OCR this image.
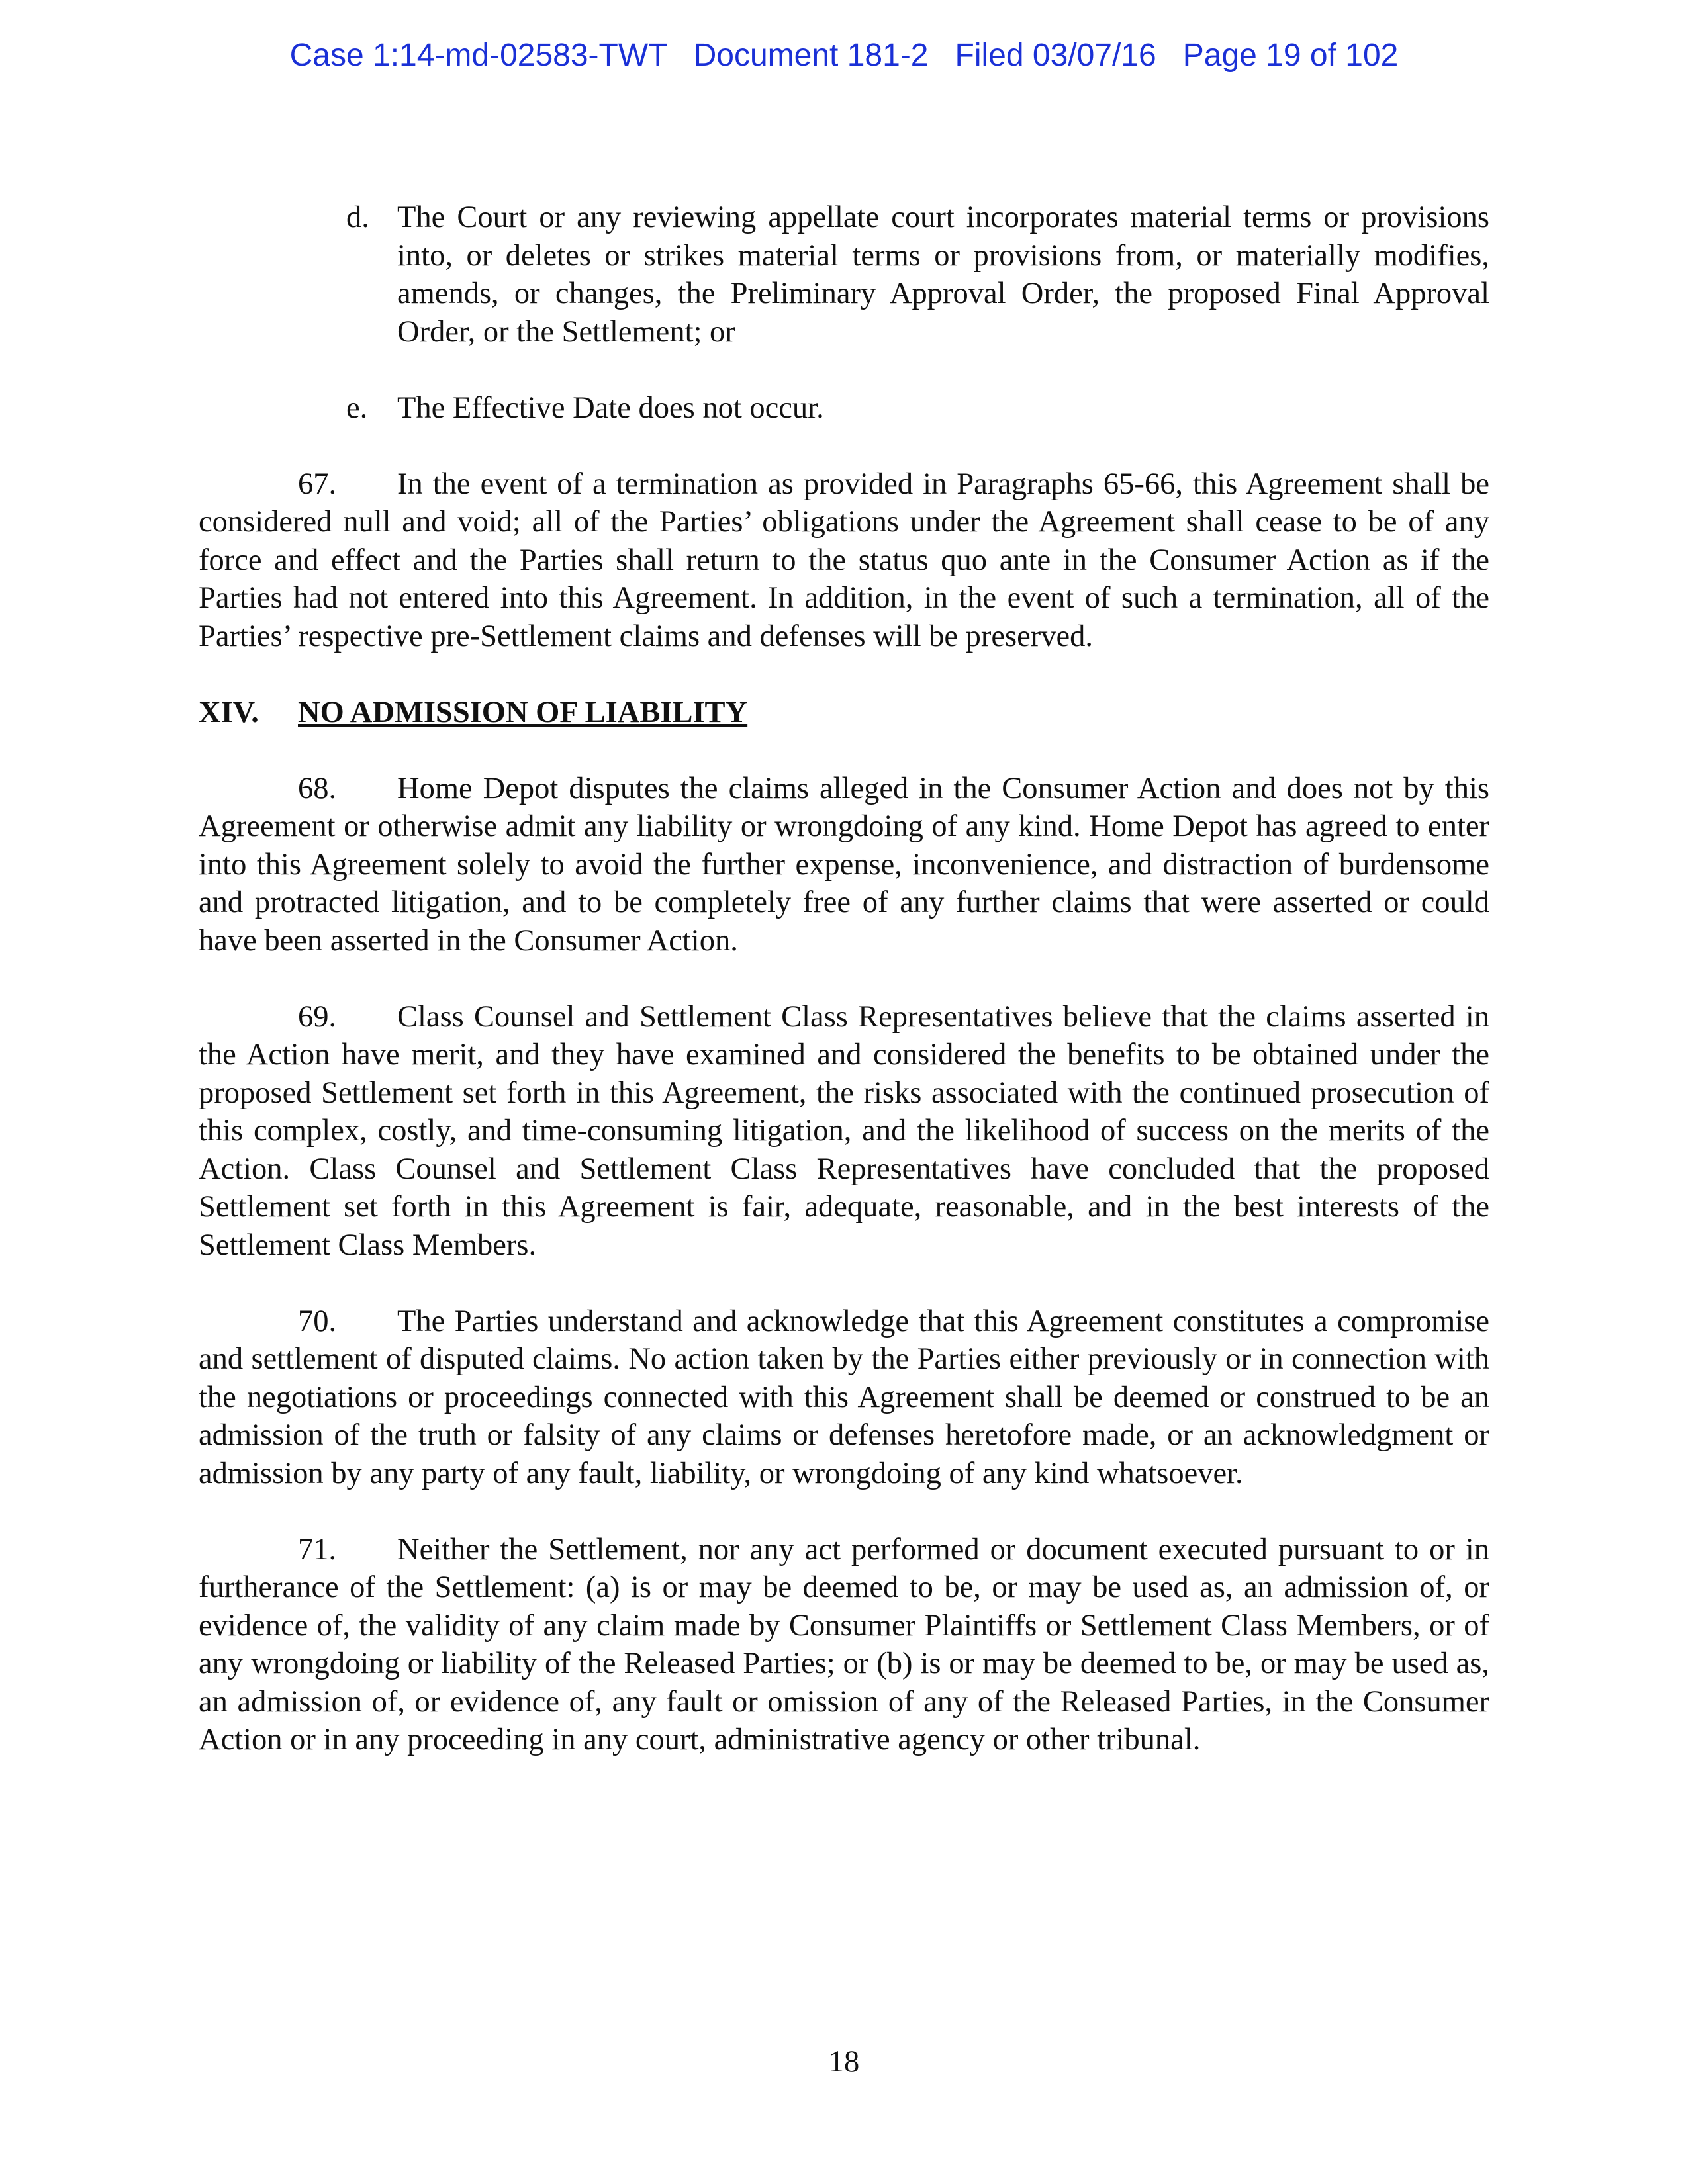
Case 1:14-md-02583-TWT Document 181-2 Filed 03/07/16 Page 19 of 102
d. The Court or any reviewing appellate court incorporates material terms or provisions into, or deletes or strikes material terms or provisions from, or materially modifies, amends, or changes, the Preliminary Approval Order, the proposed Final Approval Order, or the Settlement; or
e. The Effective Date does not occur.

67. In the event of a termination as provided in Paragraphs 65-66, this Agreement shall be considered null and void; all of the Parties’ obligations under the Agreement shall cease to be of any force and effect and the Parties shall return to the status quo ante in the Consumer Action as if the Parties had not entered into this Agreement. In addition, in the event of such a termination, all of the Parties’ respective pre-Settlement claims and defenses will be preserved.

XIV. NO ADMISSION OF LIABILITY

68. Home Depot disputes the claims alleged in the Consumer Action and does not by this Agreement or otherwise admit any liability or wrongdoing of any kind. Home Depot has agreed to enter into this Agreement solely to avoid the further expense, inconvenience, and distraction of burdensome and protracted litigation, and to be completely free of any further claims that were asserted or could have been asserted in the Consumer Action.

69. Class Counsel and Settlement Class Representatives believe that the claims asserted in the Action have merit, and they have examined and considered the benefits to be obtained under the proposed Settlement set forth in this Agreement, the risks associated with the continued prosecution of this complex, costly, and time-consuming litigation, and the likelihood of success on the merits of the Action. Class Counsel and Settlement Class Representatives have concluded that the proposed Settlement set forth in this Agreement is fair, adequate, reasonable, and in the best interests of the Settlement Class Members.

70. The Parties understand and acknowledge that this Agreement constitutes a compromise and settlement of disputed claims. No action taken by the Parties either previously or in connection with the negotiations or proceedings connected with this Agreement shall be deemed or construed to be an admission of the truth or falsity of any claims or defenses heretofore made, or an acknowledgment or admission by any party of any fault, liability, or wrongdoing of any kind whatsoever.

71. Neither the Settlement, nor any act performed or document executed pursuant to or in furtherance of the Settlement: (a) is or may be deemed to be, or may be used as, an admission of, or evidence of, the validity of any claim made by Consumer Plaintiffs or Settlement Class Members, or of any wrongdoing or liability of the Released Parties; or (b) is or may be deemed to be, or may be used as, an admission of, or evidence of, any fault or omission of any of the Released Parties, in the Consumer Action or in any proceeding in any court, administrative agency or other tribunal.

18
